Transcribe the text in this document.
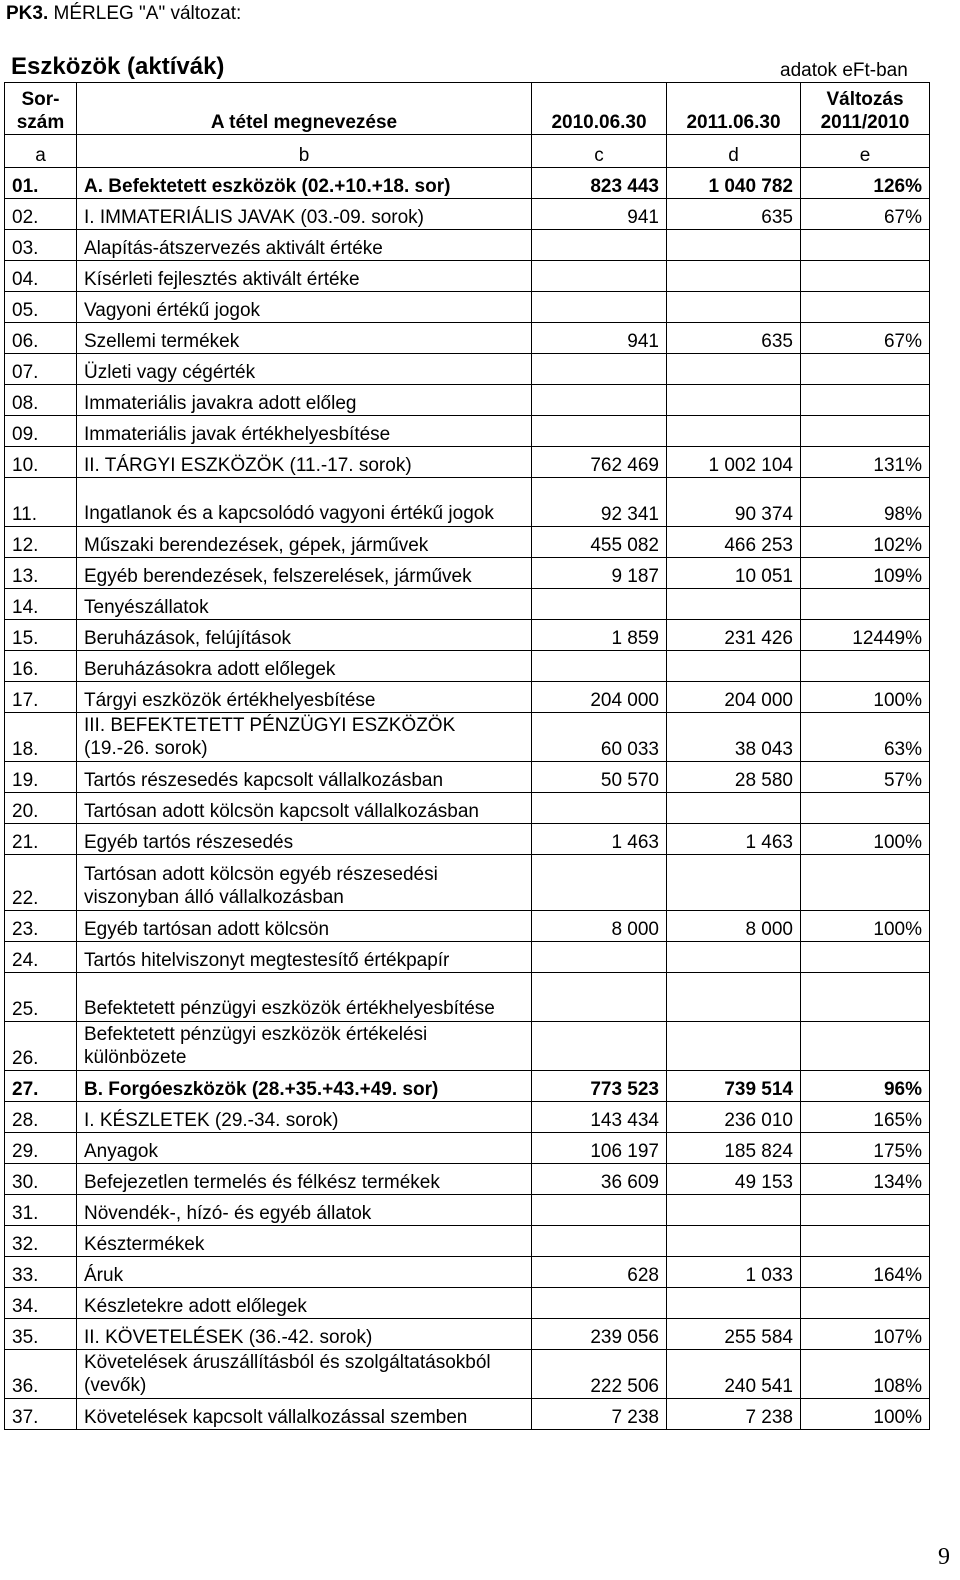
PK3. MÉRLEG "A" változat:
Eszközök (aktívák)	adatok eFt-ban
Sor-
szám	A tétel megnevezése	2010.06.30	2011.06.30	Változás
2011/2010
a	b	c	d	e
01.	A. Befektetett eszközök (02.+10.+18. sor)	823 443	1 040 782	126%
02.	I. IMMATERIÁLIS JAVAK (03.-09. sorok)	941	635	67%
03.	Alapítás-átszervezés aktivált értéke			
04.	Kísérleti fejlesztés aktivált értéke			
05.	Vagyoni értékű jogok			
06.	Szellemi termékek	941	635	67%
07.	Üzleti vagy cégérték			
08.	Immateriális javakra adott előleg			
09.	Immateriális javak értékhelyesbítése			
10.	II. TÁRGYI ESZKÖZÖK (11.-17. sorok)	762 469	1 002 104	131%
11.	Ingatlanok és a kapcsolódó vagyoni értékű jogok	92 341	90 374	98%
12.	Műszaki berendezések, gépek, járművek	455 082	466 253	102%
13.	Egyéb berendezések, felszerelések, járművek	9 187	10 051	109%
14.	Tenyészállatok			
15.	Beruházások, felújítások	1 859	231 426	12449%
16.	Beruházásokra adott előlegek			
17.	Tárgyi eszközök értékhelyesbítése	204 000	204 000	100%
18.	III. BEFEKTETETT PÉNZÜGYI ESZKÖZÖK (19.-26. sorok)	60 033	38 043	63%
19.	Tartós részesedés kapcsolt vállalkozásban	50 570	28 580	57%
20.	Tartósan adott kölcsön kapcsolt vállalkozásban			
21.	Egyéb tartós részesedés	1 463	1 463	100%
22.	Tartósan adott kölcsön egyéb részesedési viszonyban álló vállalkozásban			
23.	Egyéb tartósan adott kölcsön	8 000	8 000	100%
24.	Tartós hitelviszonyt megtestesítő értékpapír			
25.	Befektetett pénzügyi eszközök értékhelyesbítése			
26.	Befektetett pénzügyi eszközök értékelési különbözete			
27.	B. Forgóeszközök (28.+35.+43.+49. sor)	773 523	739 514	96%
28.	I. KÉSZLETEK (29.-34. sorok)	143 434	236 010	165%
29.	Anyagok	106 197	185 824	175%
30.	Befejezetlen termelés és félkész termékek	36 609	49 153	134%
31.	Növendék-, hízó- és egyéb állatok			
32.	Késztermékek			
33.	Áruk	628	1 033	164%
34.	Készletekre adott előlegek			
35.	II. KÖVETELÉSEK (36.-42. sorok)	239 056	255 584	107%
36.	Követelések áruszállításból és szolgáltatásokból (vevők)	222 506	240 541	108%
37.	Követelések kapcsolt vállalkozással szemben	7 238	7 238	100%
9
